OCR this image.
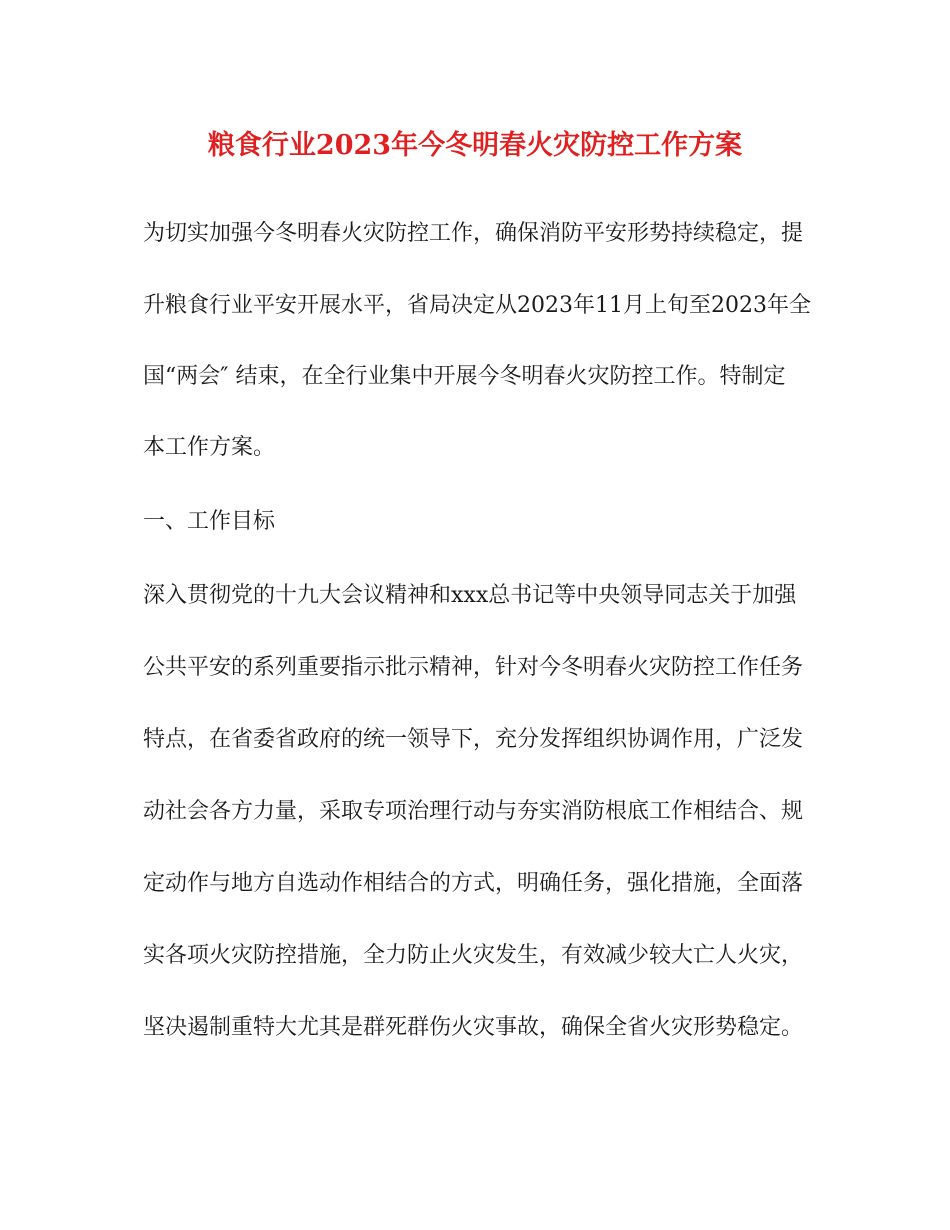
粮食行业2023年今冬明春火灾防控工作方案

为切实加强今冬明春火灾防控工作，确保消防平安形势持续稳定，提

升粮食行业平安开展水平，省局决定从2023年11月上旬至2023年全

国“两会″ 结束，在全行业集中开展今冬明春火灾防控工作。特制定

本工作方案。

一、工作目标

深入贯彻党的十九大会议精神和xxx总书记等中央领导同志关于加强

公共平安的系列重要指示批示精神，针对今冬明春火灾防控工作任务

特点，在省委省政府的统一领导下，充分发挥组织协调作用，广泛发

动社会各方力量，采取专项治理行动与夯实消防根底工作相结合、规

定动作与地方自选动作相结合的方式，明确任务，强化措施，全面落

实各项火灾防控措施，全力防止火灾发生，有效减少较大亡人火灾，

坚决遏制重特大尤其是群死群伤火灾事故，确保全省火灾形势稳定。
